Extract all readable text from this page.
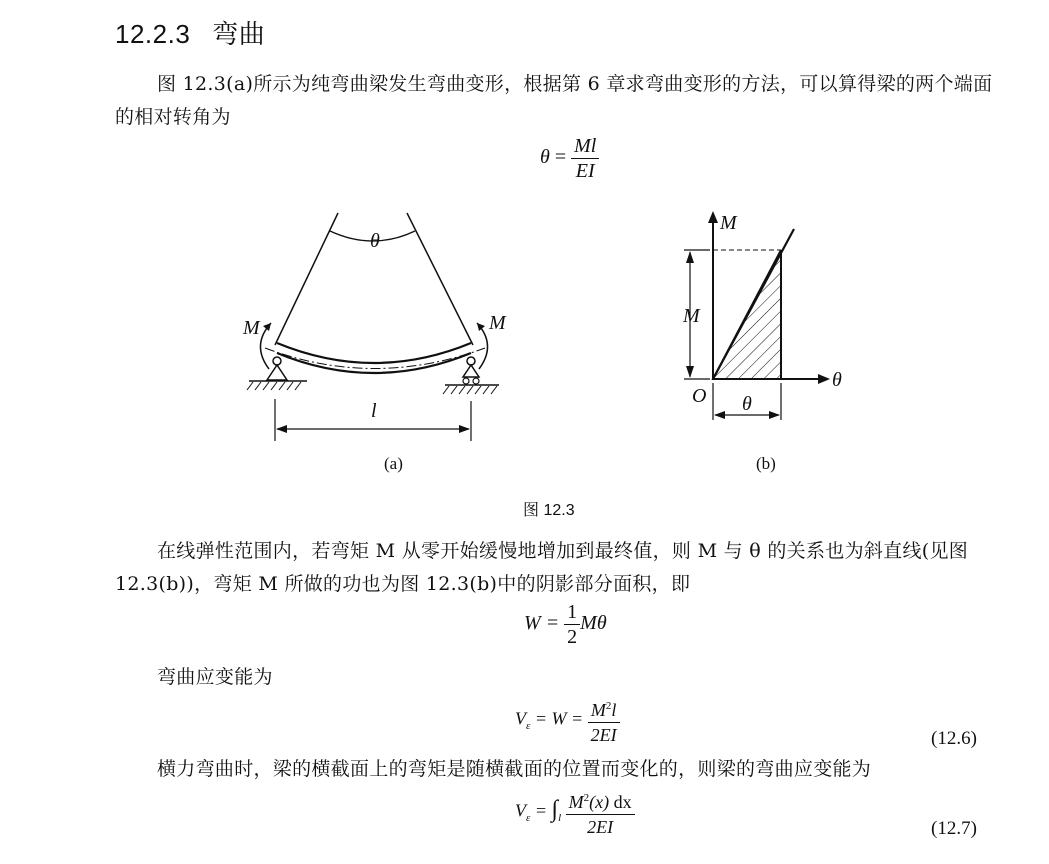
12.2.3 弯曲
图 12.3(a)所示为纯弯曲梁发生弯曲变形，根据第 6 章求弯曲变形的方法，可以算得梁的两个端面的相对转角为
$\theta = \frac{Ml}{EI}$
θ
M	M
l
(a)
M
θ
O
M
θ
(b)
图 12.3
在线弹性范围内，若弯矩 M 从零开始缓慢地增加到最终值，则 M 与 θ 的关系也为斜直线(见图 12.3(b))，弯矩 M 所做的功也为图 12.3(b)中的阴影部分面积，即
$W = \frac{1}{2}$ Mθ
弯曲应变能为
$V_\varepsilon = W = \frac{M^2l}{2EI}$	(12.6)
横力弯曲时，梁的横截面上的弯矩是随横截面的位置而变化的，则梁的弯曲应变能为
$V_\varepsilon = \int_l \frac{M^2(x) dx}{2EI}$	(12.7)
